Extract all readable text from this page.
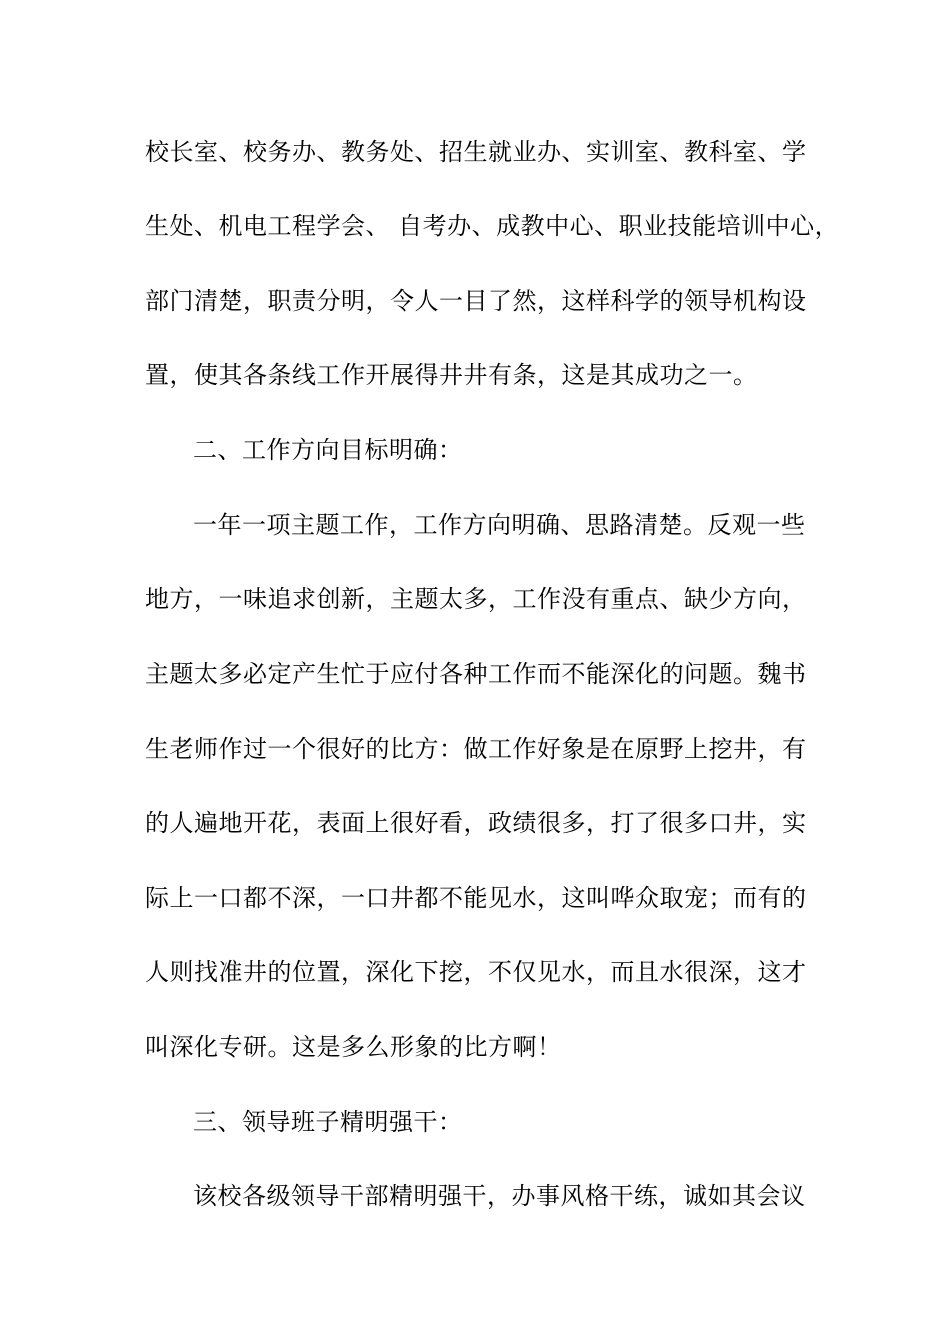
校长室、校务办、教务处、招生就业办、实训室、教科室、学
生处、机电工程学会、 自考办、成教中心、职业技能培训中心，
部门清楚，职责分明，令人一目了然，这样科学的领导机构设
置，使其各条线工作开展得井井有条，这是其成功之一。
二、工作方向目标明确：
一年一项主题工作，工作方向明确、思路清楚。反观一些
地方，一味追求创新，主题太多，工作没有重点、缺少方向，
主题太多必定产生忙于应付各种工作而不能深化的问题。魏书
生老师作过一个很好的比方：做工作好象是在原野上挖井，有
的人遍地开花，表面上很好看，政绩很多，打了很多口井，实
际上一口都不深，一口井都不能见水，这叫哗众取宠；而有的
人则找准井的位置，深化下挖，不仅见水，而且水很深，这才
叫深化专研。这是多么形象的比方啊！
三、领导班子精明强干：
该校各级领导干部精明强干，办事风格干练，诚如其会议
